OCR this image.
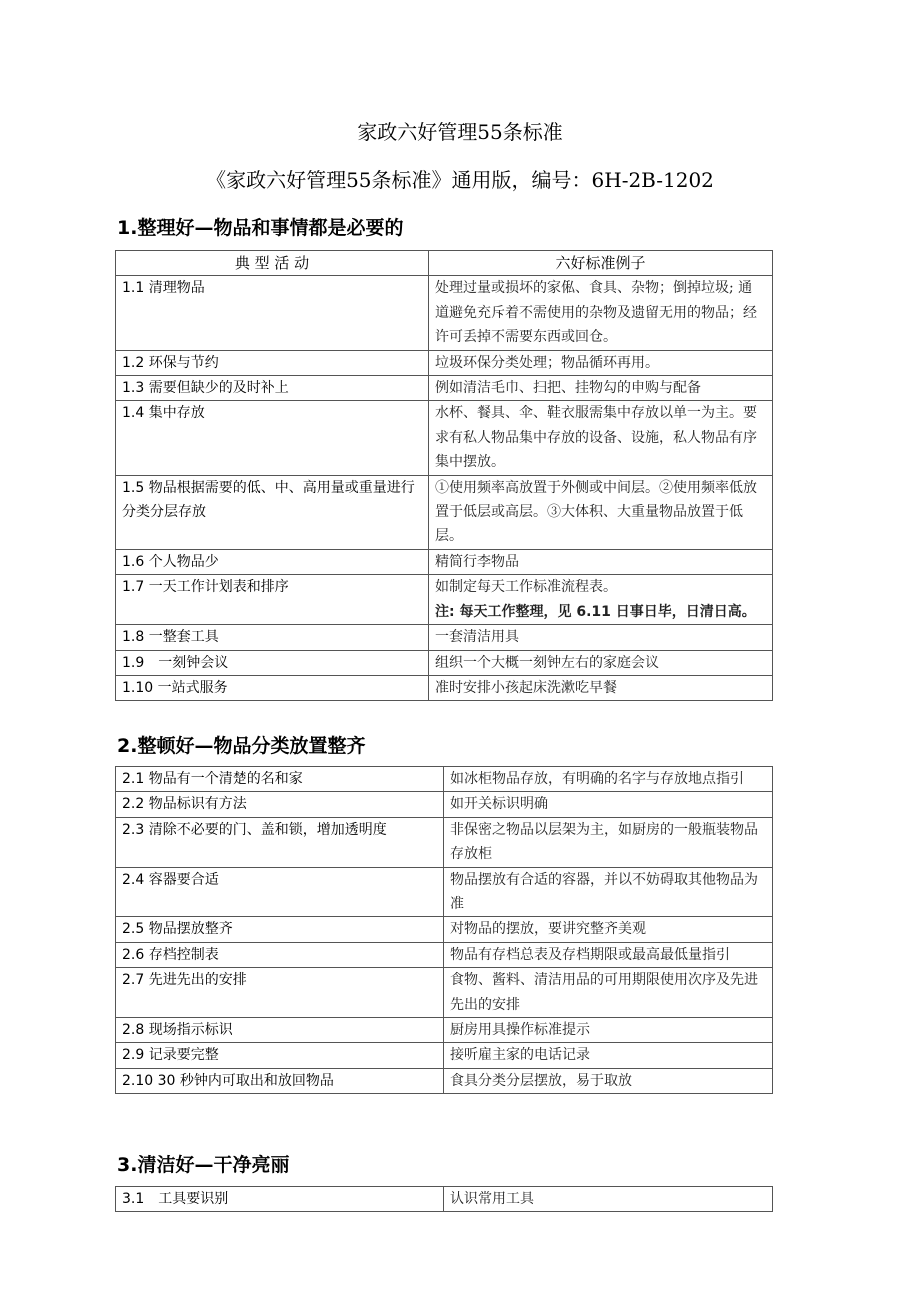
家政六好管理55条标准
《家政六好管理55条标准》通用版，编号：6H-2B-1202
1.整理好—物品和事情都是必要的
典 型 活 动	六好标准例子
1.1 清理物品	处理过量或损坏的家俬、食具、杂物；倒掉垃圾; 通道避免充斥着不需使用的杂物及遗留无用的物品；经许可丢掉不需要东西或回仓。
1.2 环保与节约	垃圾环保分类处理；物品循环再用。
1.3 需要但缺少的及时补上	例如清洁毛巾、扫把、挂物勾的申购与配备
1.4 集中存放	水杯、餐具、伞、鞋衣服需集中存放以单一为主。要求有私人物品集中存放的设备、设施，私人物品有序集中摆放。
1.5 物品根据需要的低、中、高用量或重量进行分类分层存放	①使用频率高放置于外侧或中间层。②使用频率低放置于低层或高层。③大体积、大重量物品放置于低层。
1.6 个人物品少	精简行李物品
1.7 一天工作计划表和排序	如制定每天工作标准流程表。
注: 每天工作整理，见 6.11 日事日毕，日清日高。

1.8 一整套工具	一套清洁用具
1.9　一刻钟会议	组织一个大概一刻钟左右的家庭会议
1.10 一站式服务	准时安排小孩起床洗漱吃早餐
2.整顿好—物品分类放置整齐
2.1 物品有一个清楚的名和家	如冰柜物品存放，有明确的名字与存放地点指引
2.2 物品标识有方法	如开关标识明确
2.3 清除不必要的门、盖和锁，增加透明度	非保密之物品以层架为主，如厨房的一般瓶装物品存放柜
2.4 容器要合适	物品摆放有合适的容器，并以不妨碍取其他物品为准
2.5 物品摆放整齐	对物品的摆放，要讲究整齐美观
2.6 存档控制表	物品有存档总表及存档期限或最高最低量指引
2.7 先进先出的安排	食物、酱料、清洁用品的可用期限使用次序及先进先出的安排
2.8 现场指示标识	厨房用具操作标准提示
2.9 记录要完整	接听雇主家的电话记录
2.10 30 秒钟内可取出和放回物品	食具分类分层摆放，易于取放
3.清洁好—干净亮丽
3.1　工具要识别	认识常用工具
